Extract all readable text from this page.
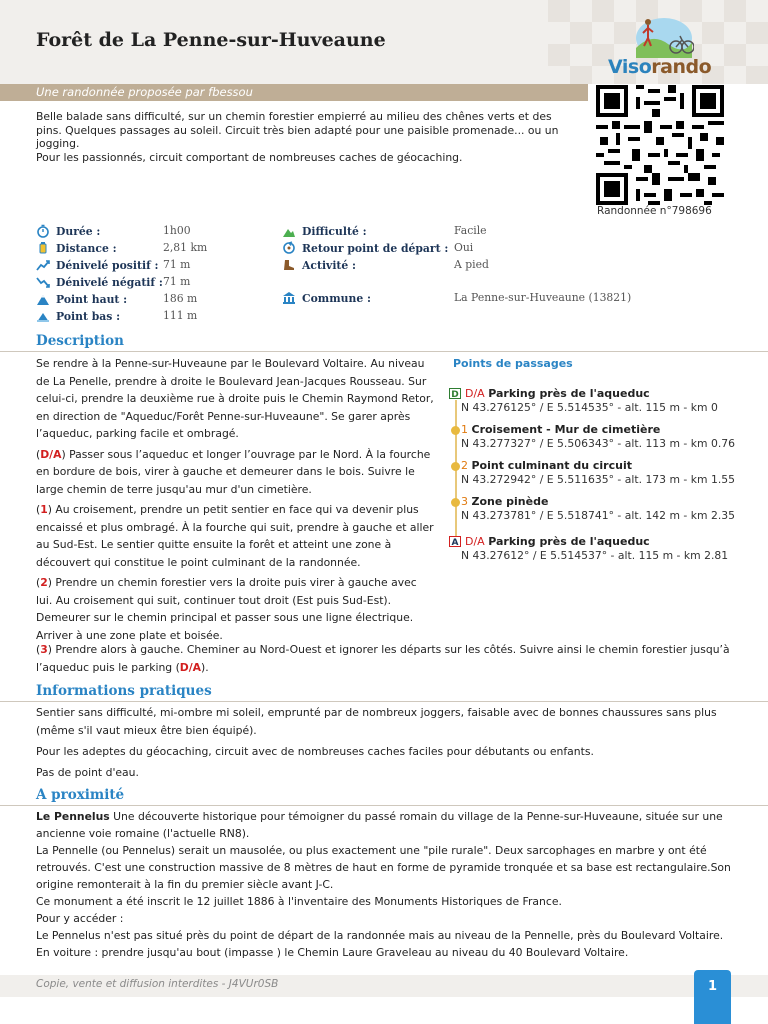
Forêt de La Penne-sur-Huveaune
Visorando
Une randonnée proposée par fbessou
Randonnée n°798696
Belle balade sans difficulté, sur un chemin forestier empierré au milieu des chênes verts et des pins. Quelques passages au soleil. Circuit très bien adapté pour une paisible promenade... ou un jogging.
Pour les passionnés, circuit comportant de nombreuses caches de géocaching.
Durée :	1h00
Distance :	2,81 km
Dénivelé positif : 71 m
Dénivelé négatif : 71 m
Point haut :	186 m
Point bas :	111 m
Difficulté :	Facile
Retour point de départ : Oui
Activité :	A pied
Commune :	La Penne-sur-Huveaune (13821)
Description

Se rendre à la Penne-sur-Huveaune par le Boulevard Voltaire. Au niveau de La Penelle, prendre à droite le Boulevard Jean-Jacques Rousseau. Sur celui-ci, prendre la deuxième rue à droite puis le Chemin Raymond Retor, en direction de "Aqueduc/Forêt Penne-sur-Huveaune". Se garer après l’aqueduc, parking facile et ombragé.

(D/A) Passer sous l’aqueduc et longer l’ouvrage par le Nord. À la fourche en bordure de bois, virer à gauche et demeurer dans le bois. Suivre le large chemin de terre jusqu'au mur d'un cimetière.

(1) Au croisement, prendre un petit sentier en face qui va devenir plus encaissé et plus ombragé. À la fourche qui suit, prendre à gauche et aller au Sud-Est. Le sentier quitte ensuite la forêt et atteint une zone à découvert qui constitue le point culminant de la randonnée.

(2) Prendre un chemin forestier vers la droite puis virer à gauche avec lui. Au croisement qui suit, continuer tout droit (Est puis Sud-Est). Demeurer sur le chemin principal et passer sous une ligne électrique. Arriver à une zone plate et boisée.

(3) Prendre alors à gauche. Cheminer au Nord-Ouest et ignorer les départs sur les côtés. Suivre ainsi le chemin forestier jusqu’à l’aqueduc puis le parking (D/A).
Points de passages
D D/A Parking près de l'aqueduc
N 43.276125° / E 5.514535° - alt. 115 m - km 0
1 Croisement - Mur de cimetière
N 43.277327° / E 5.506343° - alt. 113 m - km 0.76
2 Point culminant du circuit
N 43.272942° / E 5.511635° - alt. 173 m - km 1.55
3 Zone pinède
N 43.273781° / E 5.518741° - alt. 142 m - km 2.35
A D/A Parking près de l'aqueduc
N 43.27612° / E 5.514537° - alt. 115 m - km 2.81
Informations pratiques

Sentier sans difficulté, mi-ombre mi soleil, emprunté par de nombreux joggers, faisable avec de bonnes chaussures sans plus (même s'il vaut mieux être bien équipé).

Pour les adeptes du géocaching, circuit avec de nombreuses caches faciles pour débutants ou enfants.

Pas de point d'eau.

A proximité
Le Pennelus Une découverte historique pour témoigner du passé romain du village de la Penne-sur-Huveaune, située sur une ancienne voie romaine (l'actuelle RN8).
La Pennelle (ou Pennelus) serait un mausolée, ou plus exactement une "pile rurale". Deux sarcophages en marbre y ont été retrouvés. C'est une construction massive de 8 mètres de haut en forme de pyramide tronquée et sa base est rectangulaire.Son origine remonterait à la fin du premier siècle avant J-C.
Ce monument a été inscrit le 12 juillet 1886 à l'inventaire des Monuments Historiques de France.
Pour y accéder :
Le Pennelus n'est pas situé près du point de départ de la randonnée mais au niveau de la Pennelle, près du Boulevard Voltaire.
En voiture : prendre jusqu'au bout (impasse ) le Chemin Laure Graveleau au niveau du 40 Boulevard Voltaire.
Copie, vente et diffusion interdites - J4VUr0SB	1
